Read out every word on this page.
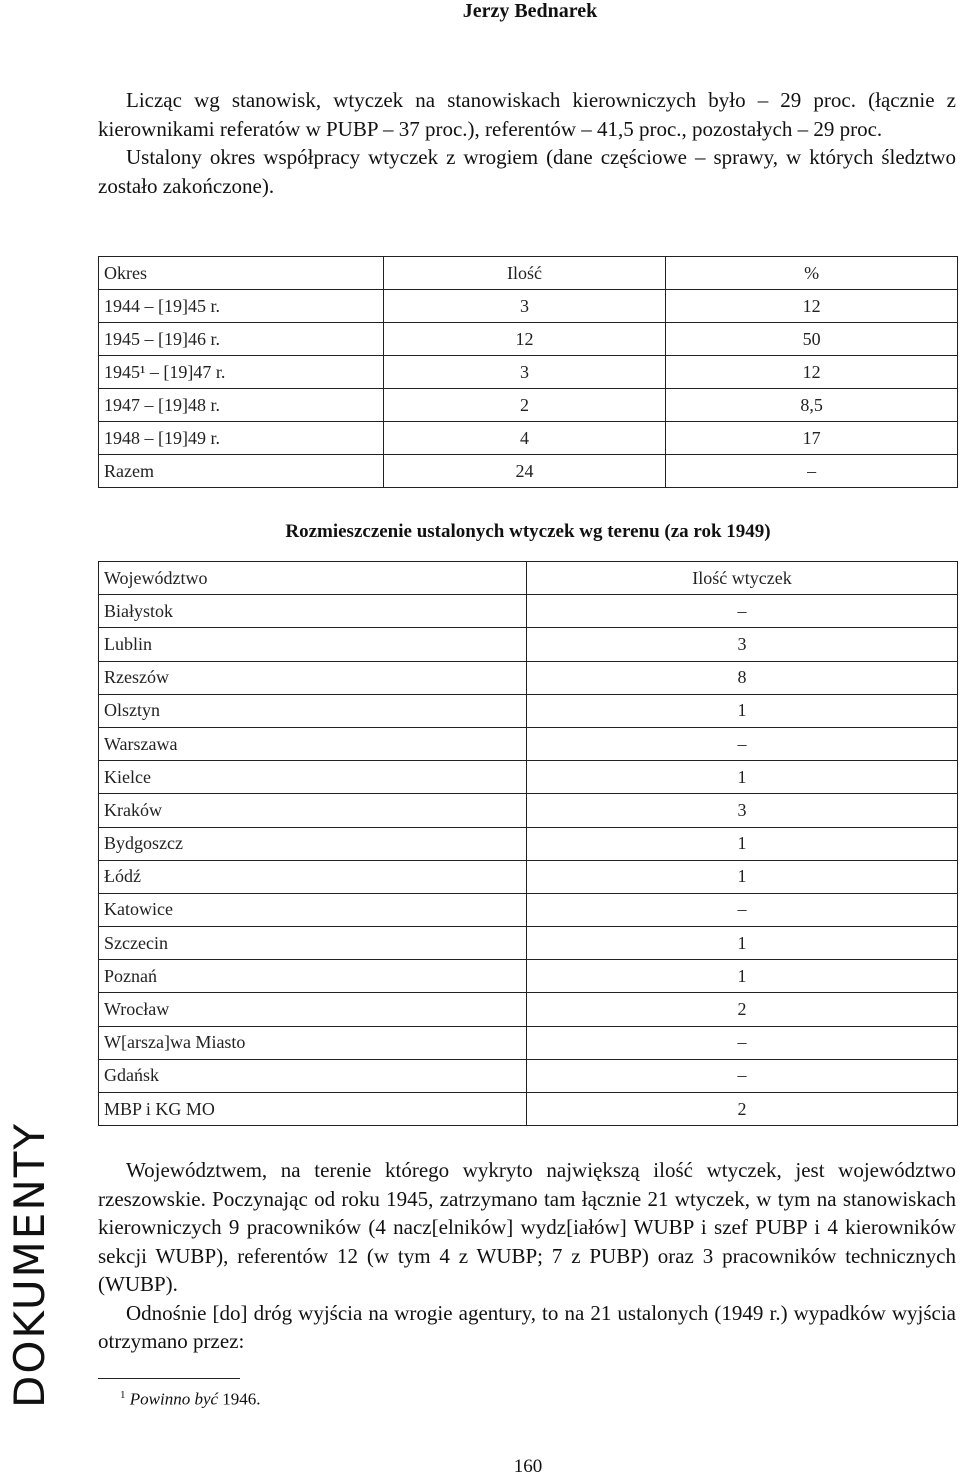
Jerzy Bednarek

Licząc wg stanowisk, wtyczek na stanowiskach kierowniczych było – 29 proc. (łącznie z kierownikami referatów w PUBP – 37 proc.), referentów – 41,5 proc., pozostałych – 29 proc.

Ustalony okres współpracy wtyczek z wrogiem (dane częściowe – sprawy, w których śledztwo zostało zakończone).

Okres	Ilość	%
1944 – [19]45 r.	3	12
1945 – [19]46 r.	12	50
1945¹ – [19]47 r.	3	12
1947 – [19]48 r.	2	8,5
1948 – [19]49 r.	4	17
Razem	24	–
Rozmieszczenie ustalonych wtyczek wg terenu (za rok 1949)
Województwo	Ilość wtyczek
Białystok	–
Lublin	3
Rzeszów	8
Olsztyn	1
Warszawa	–
Kielce	1
Kraków	3
Bydgoszcz	1
Łódź	1
Katowice	–
Szczecin	1
Poznań	1
Wrocław	2
W[arsza]wa Miasto	–
Gdańsk	–
MBP i KG MO	2
DOKUMENTY	Województwem, na terenie którego wykryto największą ilość wtyczek, jest województwo rzeszowskie. Poczynając od roku 1945, zatrzymano tam łącznie 21 wtyczek, w tym na stanowiskach kierowniczych 9 pracowników (4 nacz[elników] wydz[iałów] WUBP i szef PUBP i 4 kierowników sekcji WUBP), referentów 12 (w tym 4 z WUBP; 7 z PUBP) oraz 3 pracowników technicznych (WUBP).

Odnośnie [do] dróg wyjścia na wrogie agentury, to na 21 ustalonych (1949 r.) wypadków wyjścia otrzymano przez:

$^1$ Powinno być 1946.
160
